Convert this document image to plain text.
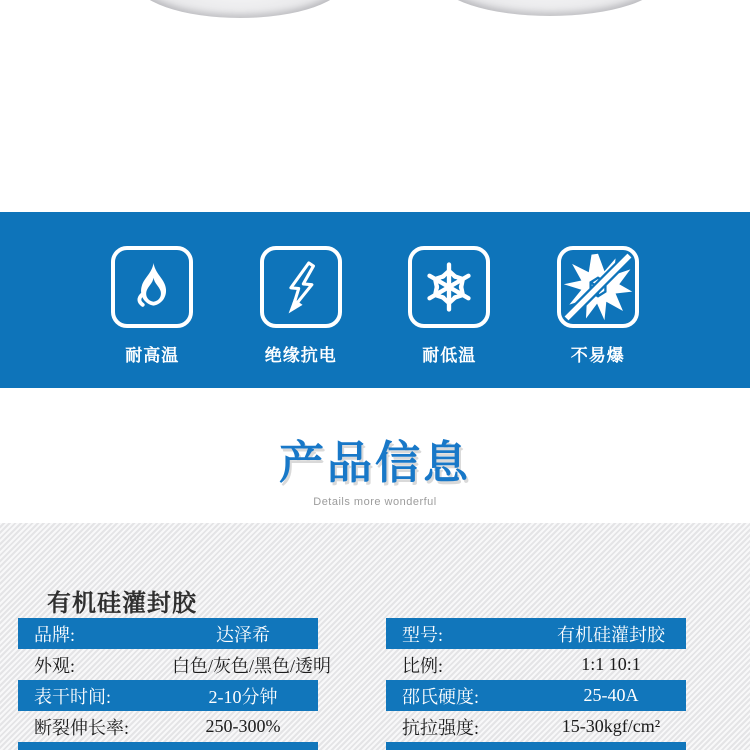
耐高温	绝缘抗电	耐低温	不易爆
产品信息
Details more wonderful
有机硅灌封胶
品牌:	达泽希
外观:	白色/灰色/黑色/透明
表干时间:	2-10分钟
断裂伸长率:	250-300%
型号:	有机硅灌封胶
比例:	1:1 10:1
邵氏硬度:	25-40A
抗拉强度:	15-30kgf/cm²
